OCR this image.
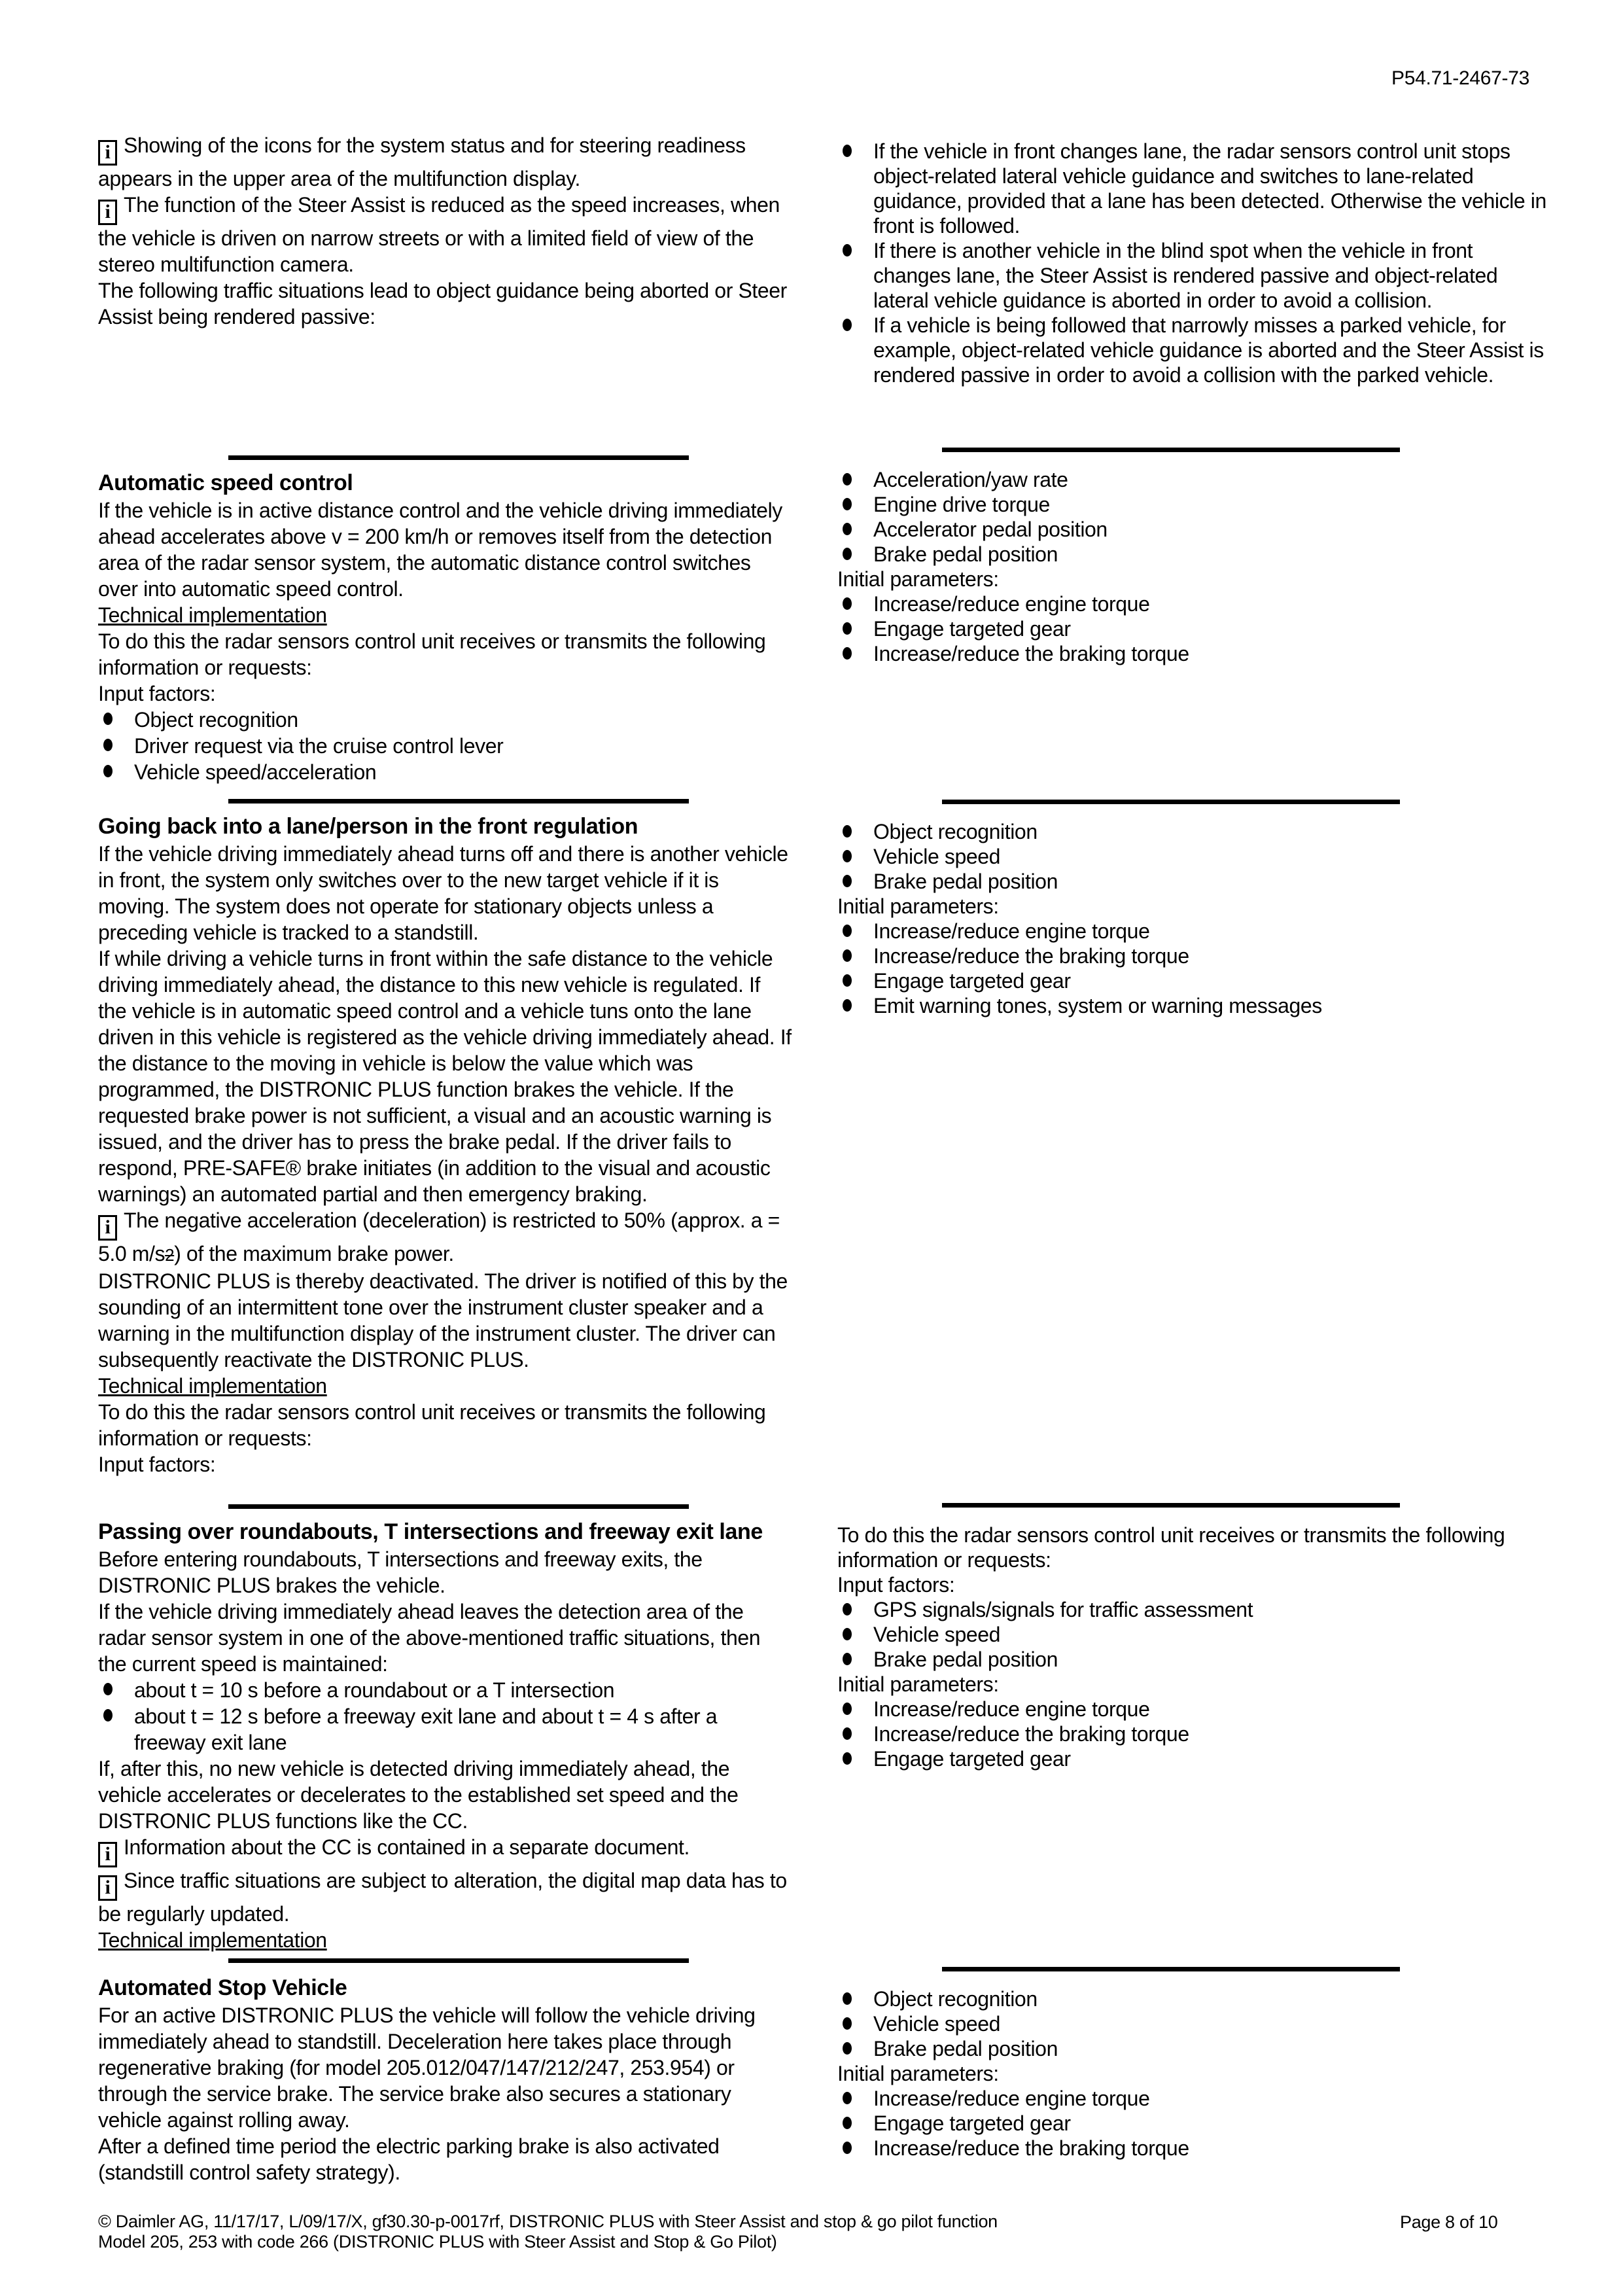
P54.71-2467-73

i Showing of the icons for the system status and for steering readiness appears in the upper area of the multifunction display.

i The function of the Steer Assist is reduced as the speed increases, when the vehicle is driven on narrow streets or with a limited field of view of the stereo multifunction camera.

The following traffic situations lead to object guidance being aborted or Steer Assist being rendered passive:

Automatic speed control

If the vehicle is in active distance control and the vehicle driving immediately ahead accelerates above v = 200 km/h or removes itself from the detection area of the radar sensor system, the automatic distance control switches over into automatic speed control.

Technical implementation

To do this the radar sensors control unit receives or transmits the following information or requests:

Input factors:

Object recognition
Driver request via the cruise control lever
Vehicle speed/acceleration
Going back into a lane/person in the front regulation

If the vehicle driving immediately ahead turns off and there is another vehicle in front, the system only switches over to the new target vehicle if it is moving. The system does not operate for stationary objects unless a preceding vehicle is tracked to a standstill.

If while driving a vehicle turns in front within the safe distance to the vehicle driving immediately ahead, the distance to this new vehicle is regulated. If the vehicle is in automatic speed control and a vehicle tuns onto the lane driven in this vehicle is registered as the vehicle driving immediately ahead. If the distance to the moving in vehicle is below the value which was programmed, the DISTRONIC PLUS function brakes the vehicle. If the requested brake power is not sufficient, a visual and an acoustic warning is issued, and the driver has to press the brake pedal. If the driver fails to respond, PRE-SAFE® brake initiates (in addition to the visual and acoustic warnings) an automated partial and then emergency braking.

i The negative acceleration (deceleration) is restricted to 50% (approx. a = 5.0 m/s2) of the maximum brake power.

DISTRONIC PLUS is thereby deactivated. The driver is notified of this by the sounding of an intermittent tone over the instrument cluster speaker and a warning in the multifunction display of the instrument cluster. The driver can subsequently reactivate the DISTRONIC PLUS.

Technical implementation

To do this the radar sensors control unit receives or transmits the following information or requests:

Input factors:

Passing over roundabouts, T intersections and freeway exit lane

Before entering roundabouts, T intersections and freeway exits, the DISTRONIC PLUS brakes the vehicle.

If the vehicle driving immediately ahead leaves the detection area of the radar sensor system in one of the above-mentioned traffic situations, then the current speed is maintained:

about t = 10 s before a roundabout or a T intersection
about t = 12 s before a freeway exit lane and about t = 4 s after a freeway exit lane

If, after this, no new vehicle is detected driving immediately ahead, the vehicle accelerates or decelerates to the established set speed and the DISTRONIC PLUS functions like the CC.

i Information about the CC is contained in a separate document.

i Since traffic situations are subject to alteration, the digital map data has to be regularly updated.

Technical implementation

Automated Stop Vehicle

For an active DISTRONIC PLUS the vehicle will follow the vehicle driving immediately ahead to standstill. Deceleration here takes place through regenerative braking (for model 205.012/047/147/212/247, 253.954) or through the service brake. The service brake also secures a stationary vehicle against rolling away.

After a defined time period the electric parking brake is also activated (standstill control safety strategy).

If the vehicle in front changes lane, the radar sensors control unit stops object-related lateral vehicle guidance and switches to lane-related guidance, provided that a lane has been detected. Otherwise the vehicle in front is followed.
If there is another vehicle in the blind spot when the vehicle in front changes lane, the Steer Assist is rendered passive and object-related lateral vehicle guidance is aborted in order to avoid a collision.
If a vehicle is being followed that narrowly misses a parked vehicle, for example, object-related vehicle guidance is aborted and the Steer Assist is rendered passive in order to avoid a collision with the parked vehicle.
Acceleration/yaw rate
Engine drive torque
Accelerator pedal position
Brake pedal position

Initial parameters:

Increase/reduce engine torque
Engage targeted gear
Increase/reduce the braking torque
Object recognition
Vehicle speed
Brake pedal position

Initial parameters:

Increase/reduce engine torque
Increase/reduce the braking torque
Engage targeted gear
Emit warning tones, system or warning messages

To do this the radar sensors control unit receives or transmits the following information or requests:

Input factors:

GPS signals/signals for traffic assessment
Vehicle speed
Brake pedal position

Initial parameters:

Increase/reduce engine torque
Increase/reduce the braking torque
Engage targeted gear
Object recognition
Vehicle speed
Brake pedal position

Initial parameters:

Increase/reduce engine torque
Engage targeted gear
Increase/reduce the braking torque

© Daimler AG, 11/17/17, L/09/17/X, gf30.30-p-0017rf, DISTRONIC PLUS with Steer Assist and stop & go pilot function

Model 205, 253 with code 266 (DISTRONIC PLUS with Steer Assist and Stop & Go Pilot)

Page 8 of 10
